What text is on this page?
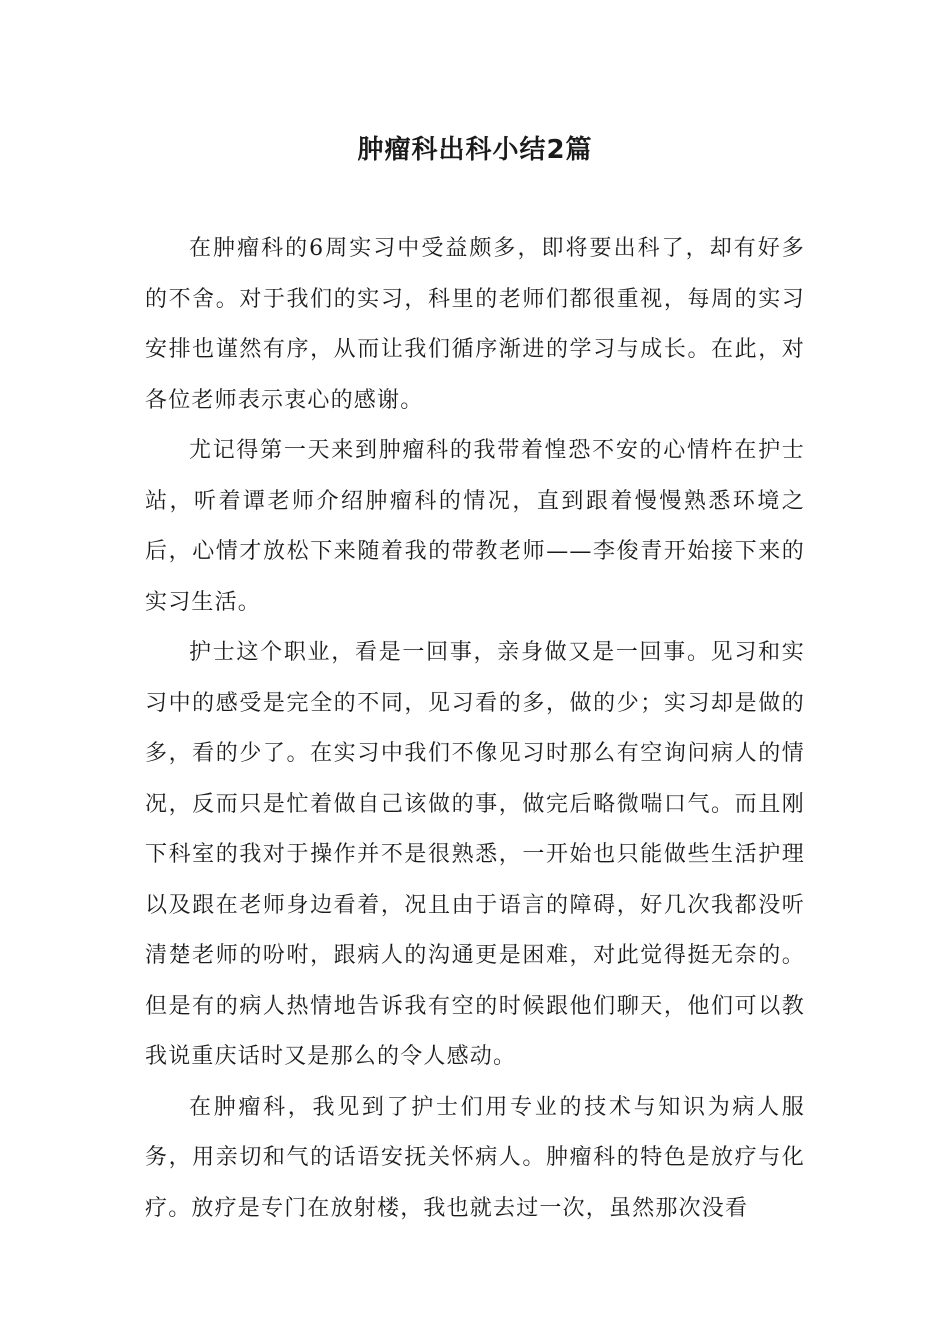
肿瘤科出科小结2篇

在肿瘤科的6周实习中受益颇多，即将要出科了，却有好多的不舍。对于我们的实习，科里的老师们都很重视，每周的实习安排也谨然有序，从而让我们循序渐进的学习与成长。在此，对各位老师表示衷心的感谢。

尤记得第一天来到肿瘤科的我带着惶恐不安的心情杵在护士站，听着谭老师介绍肿瘤科的情况，直到跟着慢慢熟悉环境之后，心情才放松下来随着我的带教老师——李俊青开始接下来的实习生活。

护士这个职业，看是一回事，亲身做又是一回事。见习和实习中的感受是完全的不同，见习看的多，做的少；实习却是做的多，看的少了。在实习中我们不像见习时那么有空询问病人的情况，反而只是忙着做自己该做的事，做完后略微喘口气。而且刚下科室的我对于操作并不是很熟悉，一开始也只能做些生活护理以及跟在老师身边看着，况且由于语言的障碍，好几次我都没听清楚老师的吩咐，跟病人的沟通更是困难，对此觉得挺无奈的。但是有的病人热情地告诉我有空的时候跟他们聊天，他们可以教我说重庆话时又是那么的令人感动。

在肿瘤科，我见到了护士们用专业的技术与知识为病人服务，用亲切和气的话语安抚关怀病人。肿瘤科的特色是放疗与化疗。放疗是专门在放射楼，我也就去过一次，虽然那次没看
